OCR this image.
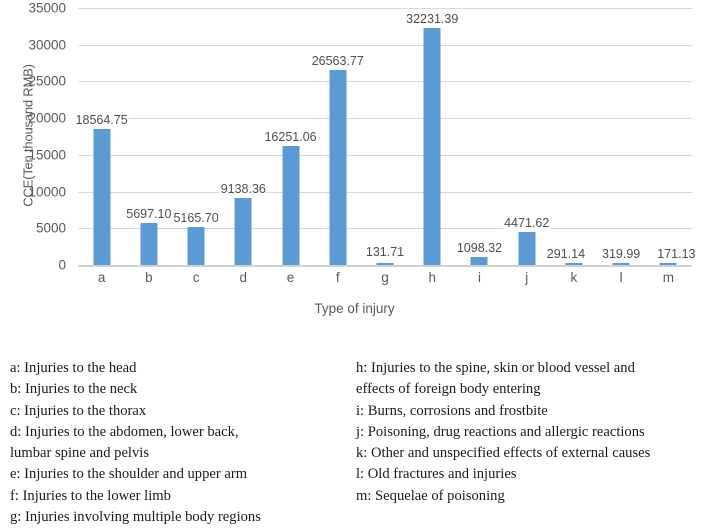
CCE(Ten thousand RMB)
0
5000
10000
15000
20000
25000
30000
35000
18564.75
5697.10 5165.70
9138.36
16251.06
26563.77
131.71
32231.39
1098.32
4471.62
291.14 319.99 171.13
a	b	c	d	e	f	g	h	i	j	k	l	m
Type of injury
a: Injuries to the head
b: Injuries to the neck
c: Injuries to the thorax
d: Injuries to the abdomen, lower back,
lumbar spine and pelvis
e: Injuries to the shoulder and upper arm
f: Injuries to the lower limb
g: Injuries involving multiple body regions
h: Injuries to the spine, skin or blood vessel and
effects of foreign body entering
i: Burns, corrosions and frostbite
j: Poisoning, drug reactions and allergic reactions
k: Other and unspecified effects of external causes
l: Old fractures and injuries
m: Sequelae of poisoning
